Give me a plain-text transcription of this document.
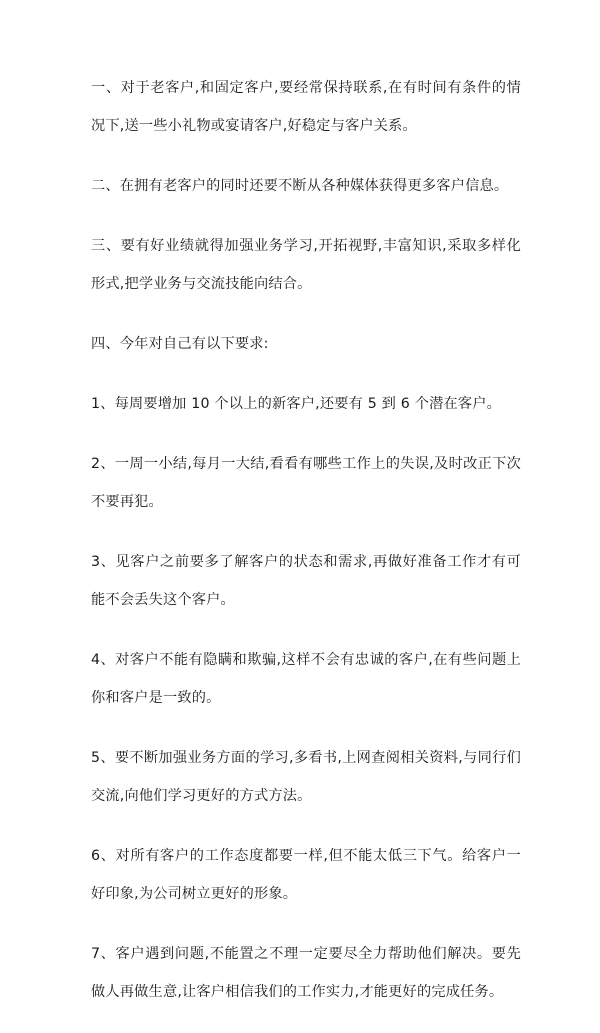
一、对于老客户,和固定客户,要经常保持联系,在有时间有条件的情况下,送一些小礼物或宴请客户,好稳定与客户关系。

二、在拥有老客户的同时还要不断从各种媒体获得更多客户信息。

三、要有好业绩就得加强业务学习,开拓视野,丰富知识,采取多样化形式,把学业务与交流技能向结合。

四、今年对自己有以下要求:

1、每周要增加 10 个以上的新客户,还要有 5 到 6 个潜在客户。

2、一周一小结,每月一大结,看看有哪些工作上的失误,及时改正下次不要再犯。

3、见客户之前要多了解客户的状态和需求,再做好准备工作才有可能不会丢失这个客户。

4、对客户不能有隐瞒和欺骗,这样不会有忠诚的客户,在有些问题上你和客户是一致的。

5、要不断加强业务方面的学习,多看书,上网查阅相关资料,与同行们交流,向他们学习更好的方式方法。

6、对所有客户的工作态度都要一样,但不能太低三下气。给客户一好印象,为公司树立更好的形象。

7、客户遇到问题,不能置之不理一定要尽全力帮助他们解决。要先做人再做生意,让客户相信我们的工作实力,才能更好的完成任务。
